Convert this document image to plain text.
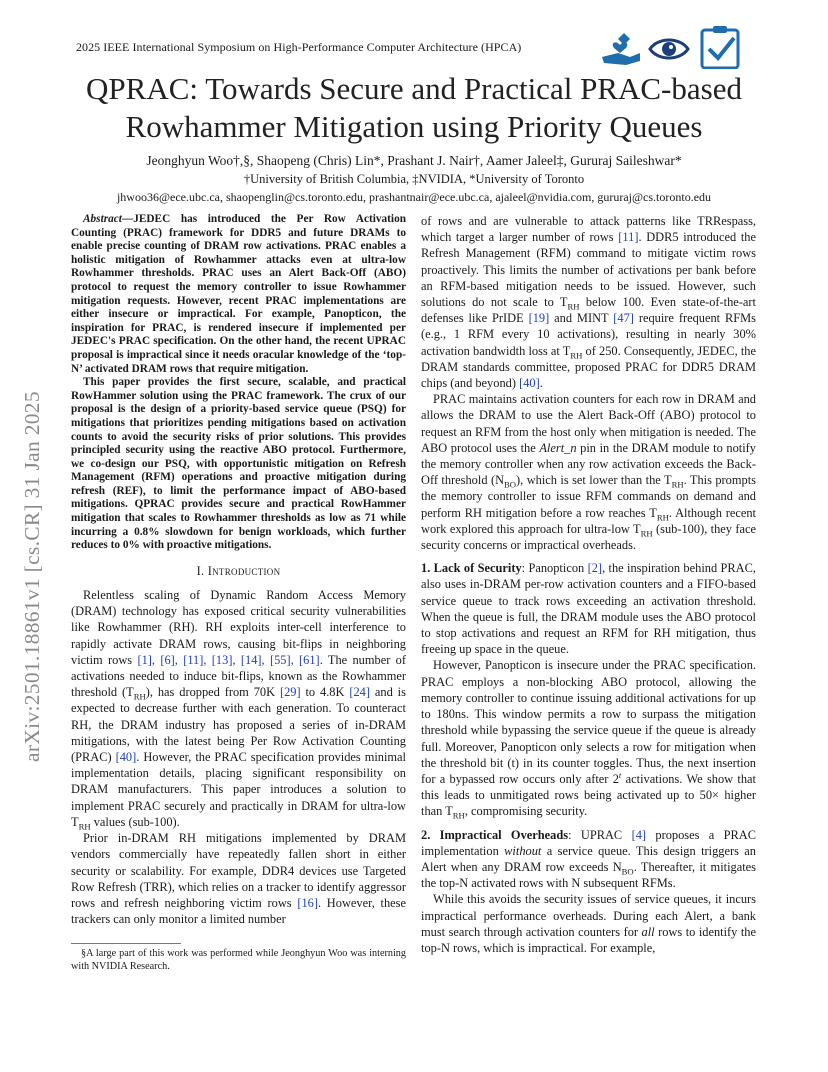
2025 IEEE International Symposium on High-Performance Computer Architecture (HPCA)
arXiv:2501.18861v1 [cs.CR] 31 Jan 2025
QPRAC: Towards Secure and Practical PRAC-based
Rowhammer Mitigation using Priority Queues
Jeonghyun Woo†,§, Shaopeng (Chris) Lin*, Prashant J. Nair†, Aamer Jaleel‡, Gururaj Saileshwar*
†University of British Columbia, ‡NVIDIA, *University of Toronto
jhwoo36@ece.ubc.ca, shaopenglin@cs.toronto.edu, prashantnair@ece.ubc.ca, ajaleel@nvidia.com, gururaj@cs.toronto.edu

Abstract—JEDEC has introduced the Per Row Activation Counting (PRAC) framework for DDR5 and future DRAMs to enable precise counting of DRAM row activations. PRAC enables a holistic mitigation of Rowhammer attacks even at ultra-low Rowhammer thresholds. PRAC uses an Alert Back-Off (ABO) protocol to request the memory controller to issue Rowhammer mitigation requests. However, recent PRAC implementations are either insecure or impractical. For example, Panopticon, the inspiration for PRAC, is rendered insecure if implemented per JEDEC's PRAC specification. On the other hand, the recent UPRAC proposal is impractical since it needs oracular knowledge of the ‘top-N’ activated DRAM rows that require mitigation.

This paper provides the first secure, scalable, and practical RowHammer solution using the PRAC framework. The crux of our proposal is the design of a priority-based service queue (PSQ) for mitigations that prioritizes pending mitigations based on activation counts to avoid the security risks of prior solutions. This provides principled security using the reactive ABO protocol. Furthermore, we co-design our PSQ, with opportunistic mitigation on Refresh Management (RFM) operations and proactive mitigation during refresh (REF), to limit the performance impact of ABO-based mitigations. QPRAC provides secure and practical RowHammer mitigation that scales to Rowhammer thresholds as low as 71 while incurring a 0.8% slowdown for benign workloads, which further reduces to 0% with proactive mitigations.

I. Introduction

Relentless scaling of Dynamic Random Access Memory (DRAM) technology has exposed critical security vulnerabilities like Rowhammer (RH). RH exploits inter-cell interference to rapidly activate DRAM rows, causing bit-flips in neighboring victim rows [1], [6], [11], [13], [14], [55], [61]. The number of activations needed to induce bit-flips, known as the Rowhammer threshold $(T_{RH})$, has dropped from 70K [29] to 4.8K [24] and is expected to decrease further with each generation. To counteract RH, the DRAM industry has proposed a series of in-DRAM mitigations, with the latest being Per Row Activation Counting (PRAC) [40]. However, the PRAC specification provides minimal implementation details, placing significant responsibility on DRAM manufacturers. This paper introduces a solution to implement PRAC securely and practically in DRAM for ultra-low $T_{RH}$ values (sub-100).

Prior in-DRAM RH mitigations implemented by DRAM vendors commercially have repeatedly fallen short in either security or scalability. For example, DDR4 devices use Targeted Row Refresh (TRR), which relies on a tracker to identify aggressor rows and refresh neighboring victim rows [16]. However, these trackers can only monitor a limited number

§A large part of this work was performed while Jeonghyun Woo was interning with NVIDIA Research.

of rows and are vulnerable to attack patterns like TRRespass, which target a larger number of rows [11]. DDR5 introduced the Refresh Management (RFM) command to mitigate victim rows proactively. This limits the number of activations per bank before an RFM-based mitigation needs to be issued. However, such solutions do not scale to $T_{RH}$ below 100. Even state-of-the-art defenses like PrIDE [19] and MINT [47] require frequent RFMs (e.g., 1 RFM every 10 activations), resulting in nearly 30% activation bandwidth loss at $T_{RH}$ of 250. Consequently, JEDEC, the DRAM standards committee, proposed PRAC for DDR5 DRAM chips (and beyond) [40].

PRAC maintains activation counters for each row in DRAM and allows the DRAM to use the Alert Back-Off (ABO) protocol to request an RFM from the host only when mitigation is needed. The ABO protocol uses the Alert_n pin in the DRAM module to notify the memory controller when any row activation exceeds the Back-Off threshold $(N_{BO})$, which is set lower than the $T_{RH}$. This prompts the memory controller to issue RFM commands on demand and perform RH mitigation before a row reaches $T_{RH}$. Although recent work explored this approach for ultra-low $T_{RH}$ (sub-100), they face security concerns or impractical overheads.

1. Lack of Security: Panopticon [2], the inspiration behind PRAC, also uses in-DRAM per-row activation counters and a FIFO-based service queue to track rows exceeding an activation threshold. When the queue is full, the DRAM module uses the ABO protocol to stop activations and request an RFM for RH mitigation, thus freeing up space in the queue.

However, Panopticon is insecure under the PRAC specification. PRAC employs a non-blocking ABO protocol, allowing the memory controller to continue issuing additional activations for up to 180ns. This window permits a row to surpass the mitigation threshold while bypassing the service queue if the queue is already full. Moreover, Panopticon only selects a row for mitigation when the threshold bit (t) in its counter toggles. Thus, the next insertion for a bypassed row occurs only after 2$^t$ activations. We show that this leads to unmitigated rows being activated up to 50× higher than $T_{RH}$, compromising security.

2. Impractical Overheads: UPRAC [4] proposes a PRAC implementation without a service queue. This design triggers an Alert when any DRAM row exceeds $N_{BO}$. Thereafter, it mitigates the top-N activated rows with N subsequent RFMs.

While this avoids the security issues of service queues, it incurs impractical performance overheads. During each Alert, a bank must search through activation counters for all rows to identify the top-N rows, which is impractical. For example,
